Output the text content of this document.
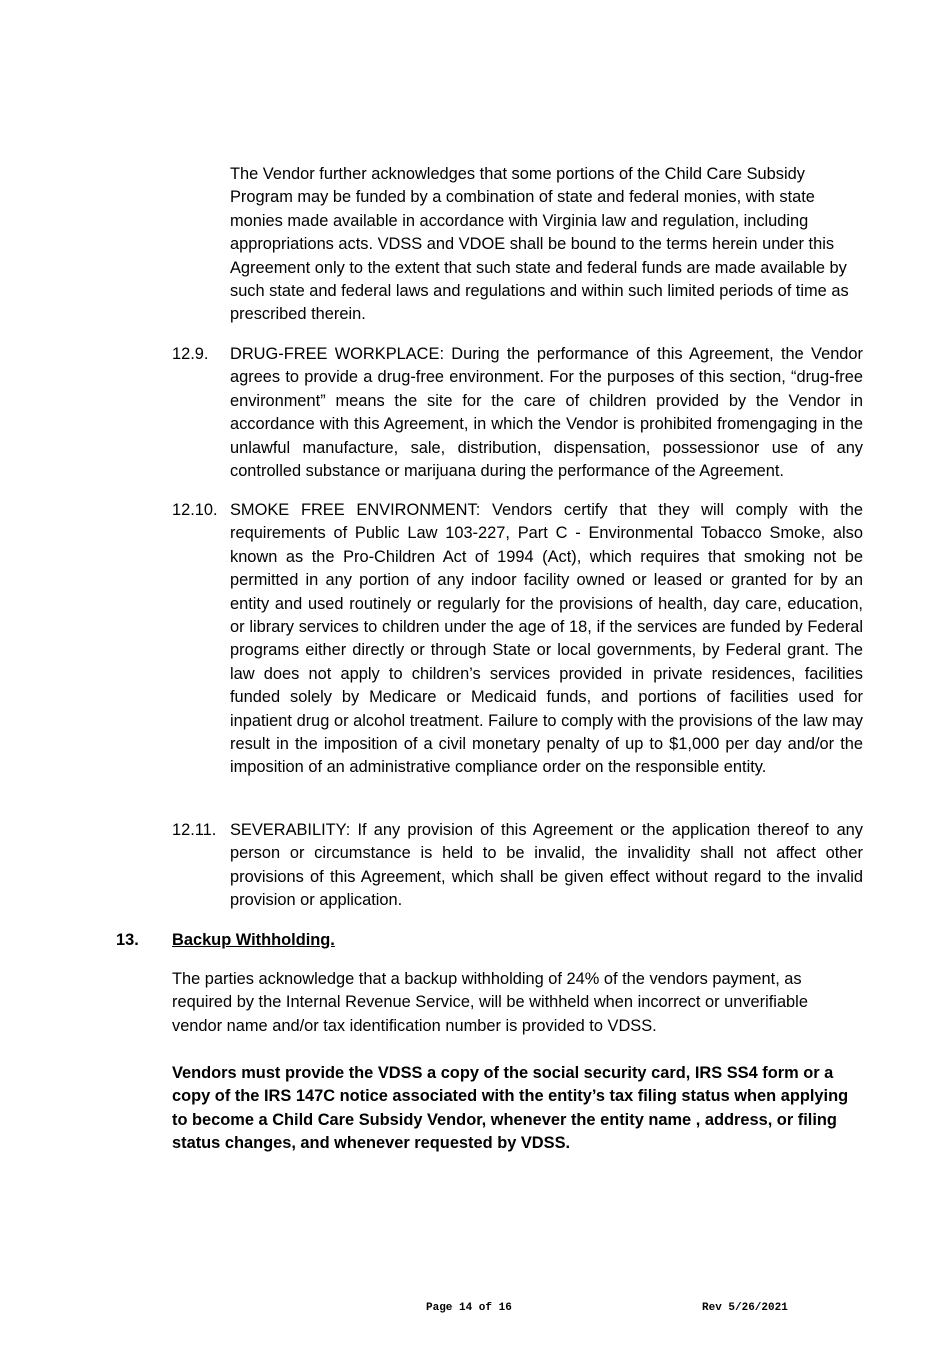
The Vendor further acknowledges that some portions of the Child Care Subsidy Program may be funded by a combination of state and federal monies, with state monies made available in accordance with Virginia law and regulation, including appropriations acts. VDSS and VDOE shall be bound to the terms herein under this Agreement only to the extent that such state and federal funds are made available by such state and federal laws and regulations and within such limited periods of time as prescribed therein.
12.9. DRUG-FREE WORKPLACE: During the performance of this Agreement, the Vendor agrees to provide a drug-free environment. For the purposes of this section, “drug-free environment” means the site for the care of children provided by the Vendor in accordance with this Agreement, in which the Vendor is prohibited fromengaging in the unlawful manufacture, sale, distribution, dispensation, possessionor use of any controlled substance or marijuana during the performance of the Agreement.
12.10. SMOKE FREE ENVIRONMENT: Vendors certify that they will comply with the requirements of Public Law 103-227, Part C - Environmental Tobacco Smoke, also known as the Pro-Children Act of 1994 (Act), which requires that smoking not be permitted in any portion of any indoor facility owned or leased or granted for by an entity and used routinely or regularly for the provisions of health, day care, education, or library services to children under the age of 18, if the services are funded by Federal programs either directly or through State or local governments, by Federal grant. The law does not apply to children’s services provided in private residences, facilities funded solely by Medicare or Medicaid funds, and portions of facilities used for inpatient drug or alcohol treatment. Failure to comply with the provisions of the law may result in the imposition of a civil monetary penalty of up to $1,000 per day and/or the imposition of an administrative compliance order on the responsible entity.
12.11. SEVERABILITY: If any provision of this Agreement or the application thereof to any person or circumstance is held to be invalid, the invalidity shall not affect other provisions of this Agreement, which shall be given effect without regard to the invalid provision or application.
13. Backup Withholding.
The parties acknowledge that a backup withholding of 24% of the vendors payment, as required by the Internal Revenue Service, will be withheld when incorrect or unverifiable vendor name and/or tax identification number is provided to VDSS.
Vendors must provide the VDSS a copy of the social security card, IRS SS4 form or a copy of the IRS 147C notice associated with the entity’s tax filing status when applying to become a Child Care Subsidy Vendor, whenever the entity name , address, or filing status changes, and whenever requested by VDSS.
Page 14 of 16	Rev 5/26/2021
